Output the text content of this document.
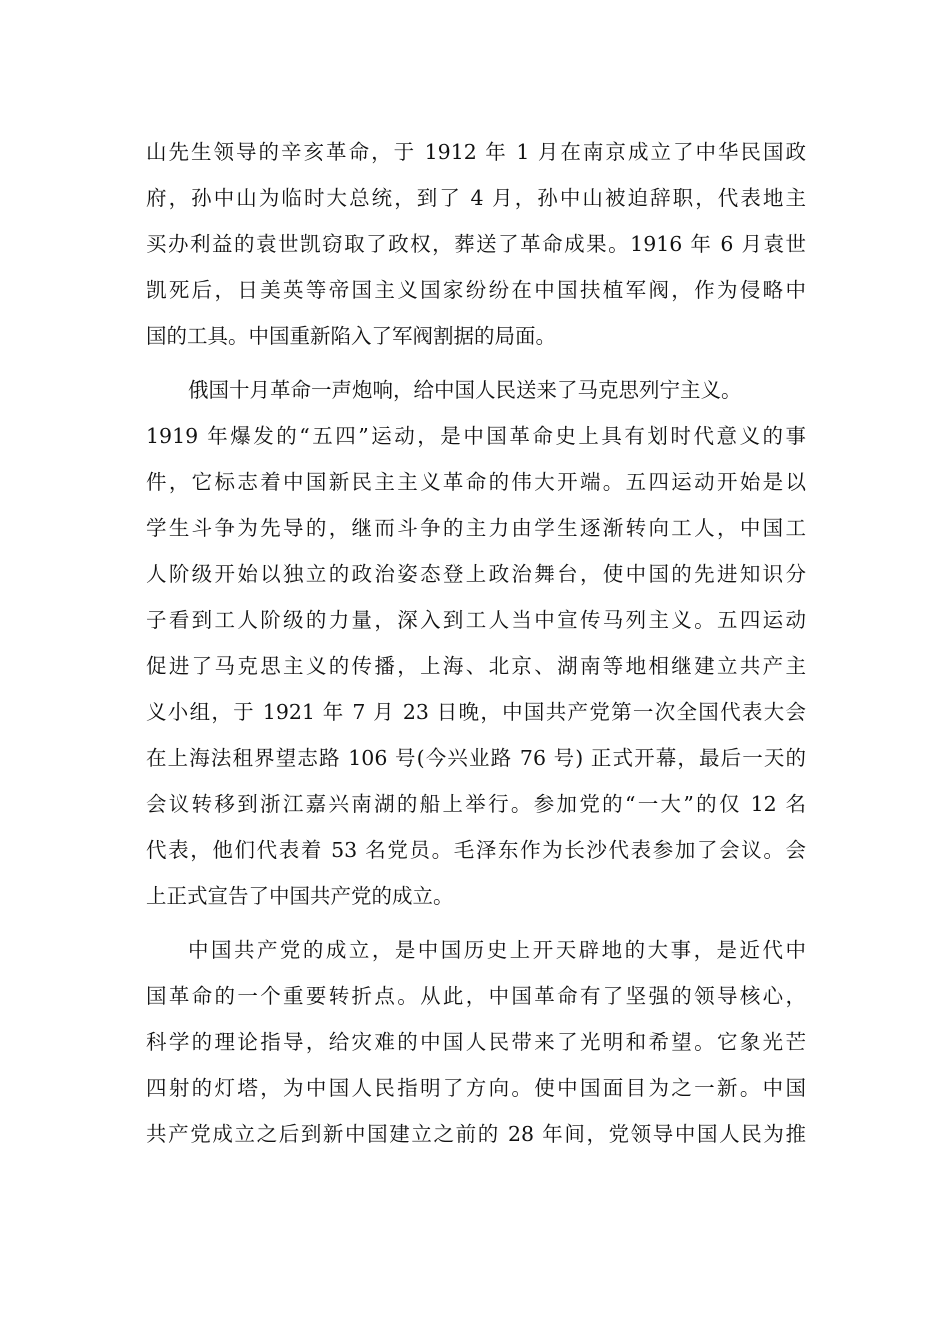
山先生领导的辛亥革命，于 1912 年 1 月在南京成立了中华民国政
府，孙中山为临时大总统，到了 4 月，孙中山被迫辞职，代表地主
买办利益的袁世凯窃取了政权，葬送了革命成果。1916 年 6 月袁世
凯死后，日美英等帝国主义国家纷纷在中国扶植军阀，作为侵略中
国的工具。中国重新陷入了军阀割据的局面。
俄国十月革命一声炮响，给中国人民送来了马克思列宁主义。
1919 年爆发的“五四”运动，是中国革命史上具有划时代意义的事
件，它标志着中国新民主主义革命的伟大开端。五四运动开始是以
学生斗争为先导的，继而斗争的主力由学生逐渐转向工人，中国工
人阶级开始以独立的政治姿态登上政治舞台，使中国的先进知识分
子看到工人阶级的力量，深入到工人当中宣传马列主义。五四运动
促进了马克思主义的传播，上海、北京、湖南等地相继建立共产主
义小组，于 1921 年 7 月 23 日晚，中国共产党第一次全国代表大会
在上海法租界望志路 106 号(今兴业路 76 号) 正式开幕，最后一天的
会议转移到浙江嘉兴南湖的船上举行。参加党的“一大”的仅 12 名
代表，他们代表着 53 名党员。毛泽东作为长沙代表参加了会议。会
上正式宣告了中国共产党的成立。
中国共产党的成立，是中国历史上开天辟地的大事，是近代中
国革命的一个重要转折点。从此，中国革命有了坚强的领导核心，
科学的理论指导，给灾难的中国人民带来了光明和希望。它象光芒
四射的灯塔，为中国人民指明了方向。使中国面目为之一新。中国
共产党成立之后到新中国建立之前的 28 年间，党领导中国人民为推
